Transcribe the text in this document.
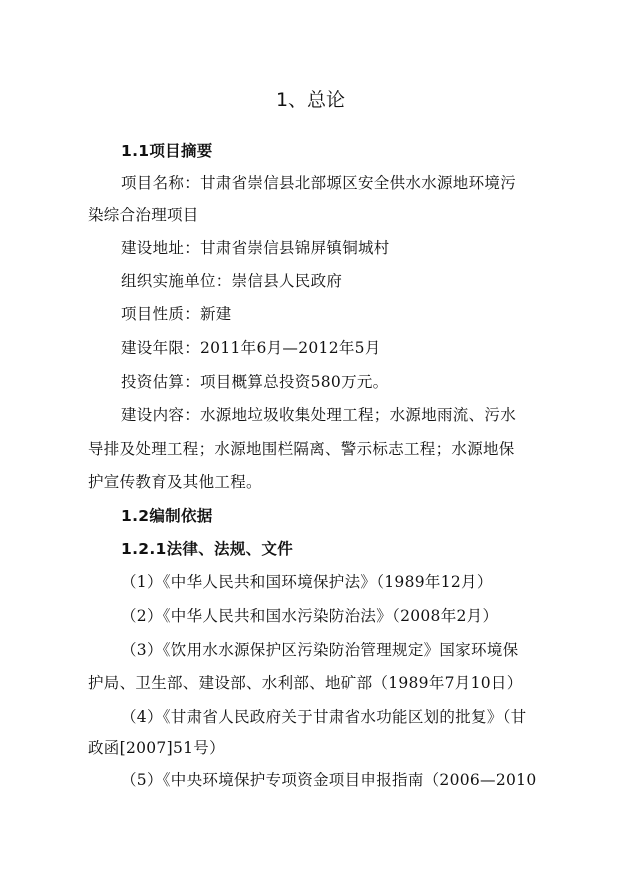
1、总论
1.1项目摘要
项目名称：甘肃省崇信县北部塬区安全供水水源地环境污
染综合治理项目
建设地址：甘肃省崇信县锦屏镇铜城村
组织实施单位：崇信县人民政府
项目性质：新建
建设年限：2011年6月—2012年5月
投资估算：项目概算总投资580万元。
建设内容：水源地垃圾收集处理工程；水源地雨流、污水
导排及处理工程；水源地围栏隔离、警示标志工程；水源地保
护宣传教育及其他工程。
1.2编制依据
1.2.1法律、法规、文件
（1）《中华人民共和国环境保护法》（1989年12月）
（2）《中华人民共和国水污染防治法》（2008年2月）
（3）《饮用水水源保护区污染防治管理规定》国家环境保
护局、卫生部、建设部、水利部、地矿部（1989年7月10日）
（4）《甘肃省人民政府关于甘肃省水功能区划的批复》（甘
政函[2007]51号）
（5）《中央环境保护专项资金项目申报指南（2006—2010
